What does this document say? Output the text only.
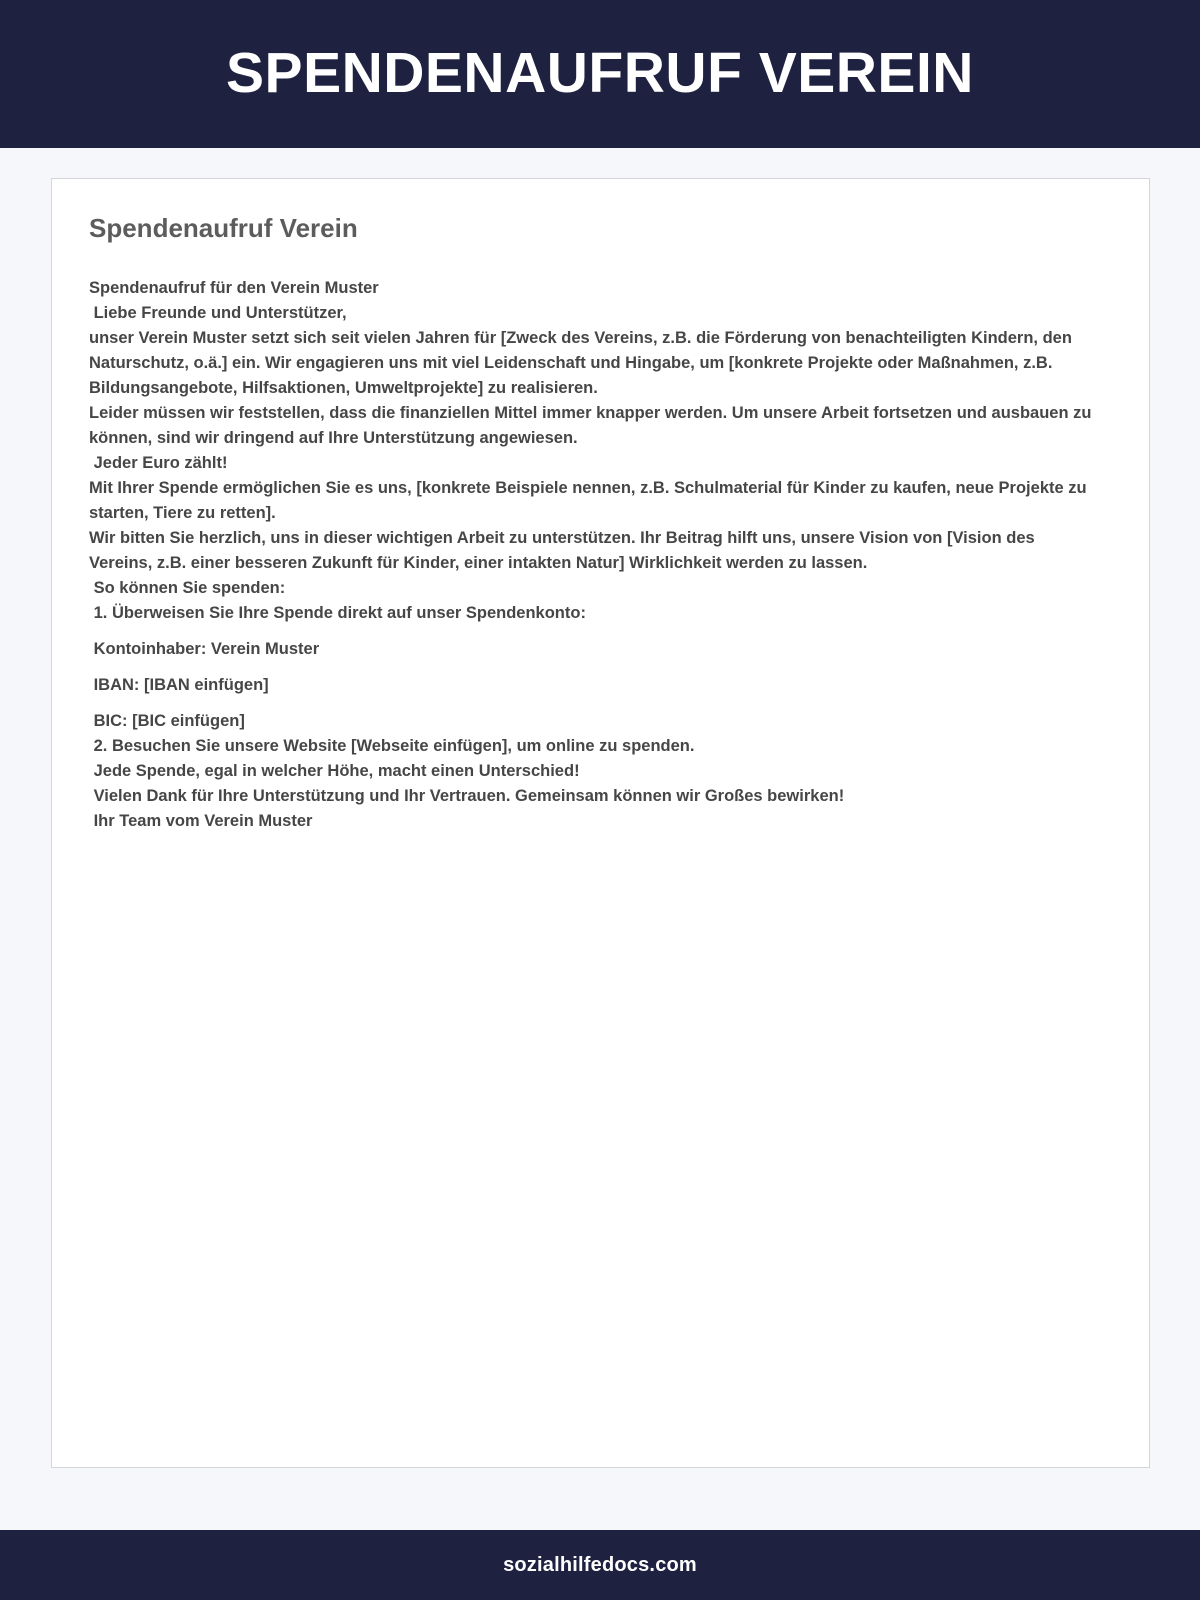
SPENDENAUFRUF VEREIN
Spendenaufruf Verein

Spendenaufruf für den Verein Muster

Liebe Freunde und Unterstützer,

unser Verein Muster setzt sich seit vielen Jahren für [Zweck des Vereins, z.B. die Förderung von benachteiligten Kindern, den Naturschutz, o.ä.] ein. Wir engagieren uns mit viel Leidenschaft und Hingabe, um [konkrete Projekte oder Maßnahmen, z.B. Bildungsangebote, Hilfsaktionen, Umweltprojekte] zu realisieren.

Leider müssen wir feststellen, dass die finanziellen Mittel immer knapper werden. Um unsere Arbeit fortsetzen und ausbauen zu können, sind wir dringend auf Ihre Unterstützung angewiesen.

Jeder Euro zählt!

Mit Ihrer Spende ermöglichen Sie es uns, [konkrete Beispiele nennen, z.B. Schulmaterial für Kinder zu kaufen, neue Projekte zu starten, Tiere zu retten].

Wir bitten Sie herzlich, uns in dieser wichtigen Arbeit zu unterstützen. Ihr Beitrag hilft uns, unsere Vision von [Vision des Vereins, z.B. einer besseren Zukunft für Kinder, einer intakten Natur] Wirklichkeit werden zu lassen.

So können Sie spenden:

1. Überweisen Sie Ihre Spende direkt auf unser Spendenkonto:

Kontoinhaber: Verein Muster

IBAN: [IBAN einfügen]

BIC: [BIC einfügen]

2. Besuchen Sie unsere Website [Webseite einfügen], um online zu spenden.

Jede Spende, egal in welcher Höhe, macht einen Unterschied!

Vielen Dank für Ihre Unterstützung und Ihr Vertrauen. Gemeinsam können wir Großes bewirken!

Ihr Team vom Verein Muster

sozialhilfedocs.com
